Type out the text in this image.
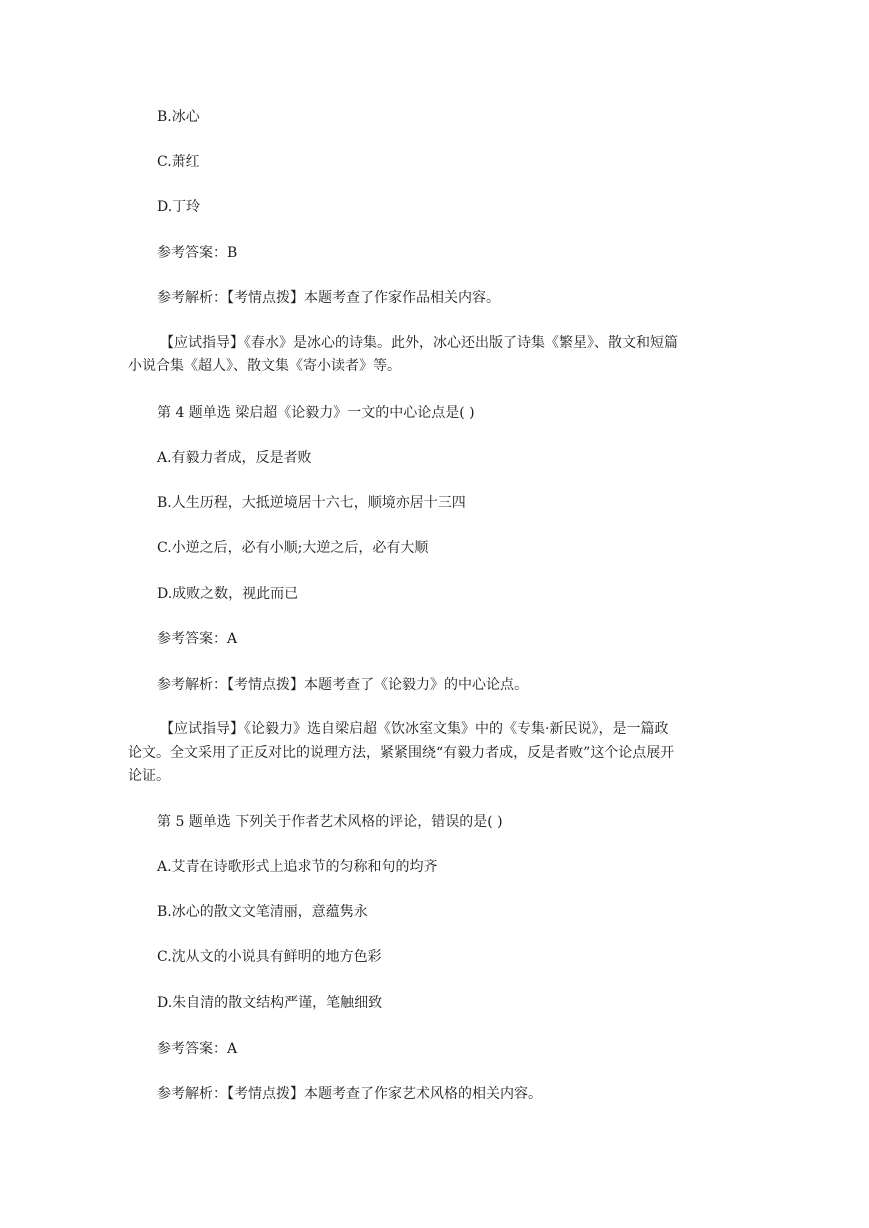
B.冰心
C.萧红
D.丁玲
参考答案：B
参考解析：【考情点拨】本题考查了作家作品相关内容。
【应试指导】《春水》是冰心的诗集。此外，冰心还出版了诗集《繁星》、散文和短篇
小说合集《超人》、散文集《寄小读者》等。
第 4 题单选 梁启超《论毅力》一文的中心论点是( )
A.有毅力者成，反是者败
B.人生历程，大抵逆境居十六七，顺境亦居十三四
C.小逆之后，必有小顺;大逆之后，必有大顺
D.成败之数，视此而已
参考答案：A
参考解析：【考情点拨】本题考查了《论毅力》的中心论点。
【应试指导】《论毅力》选自梁启超《饮冰室文集》中的《专集·新民说》，是一篇政
论文。全文采用了正反对比的说理方法，紧紧围绕“有毅力者成，反是者败”这个论点展开
论证。
第 5 题单选 下列关于作者艺术风格的评论，错误的是( )
A.艾青在诗歌形式上追求节的匀称和句的均齐
B.冰心的散文文笔清丽，意蕴隽永
C.沈从文的小说具有鲜明的地方色彩
D.朱自清的散文结构严谨，笔触细致
参考答案：A
参考解析：【考情点拨】本题考查了作家艺术风格的相关内容。
